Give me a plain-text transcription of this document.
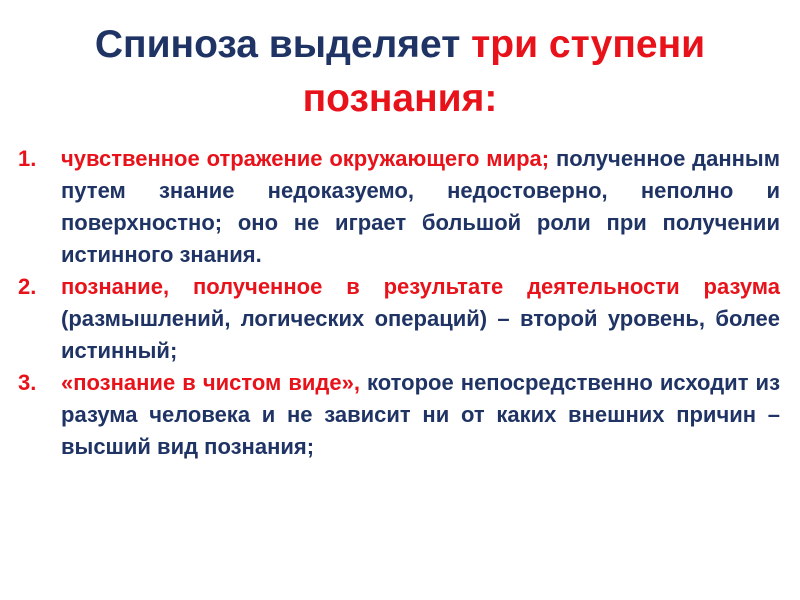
Спиноза выделяет три ступени познания:
1. чувственное отражение окружающего мира; полученное данным путем знание недоказуемо, недостоверно, неполно и поверхностно; оно не играет большой роли при получении истинного знания.
2. познание, полученное в результате деятельности разума (размышлений, логических операций) – второй уровень, более истинный;
3. «познание в чистом виде», которое непосредственно исходит из разума человека и не зависит ни от каких внешних причин – высший вид познания;
